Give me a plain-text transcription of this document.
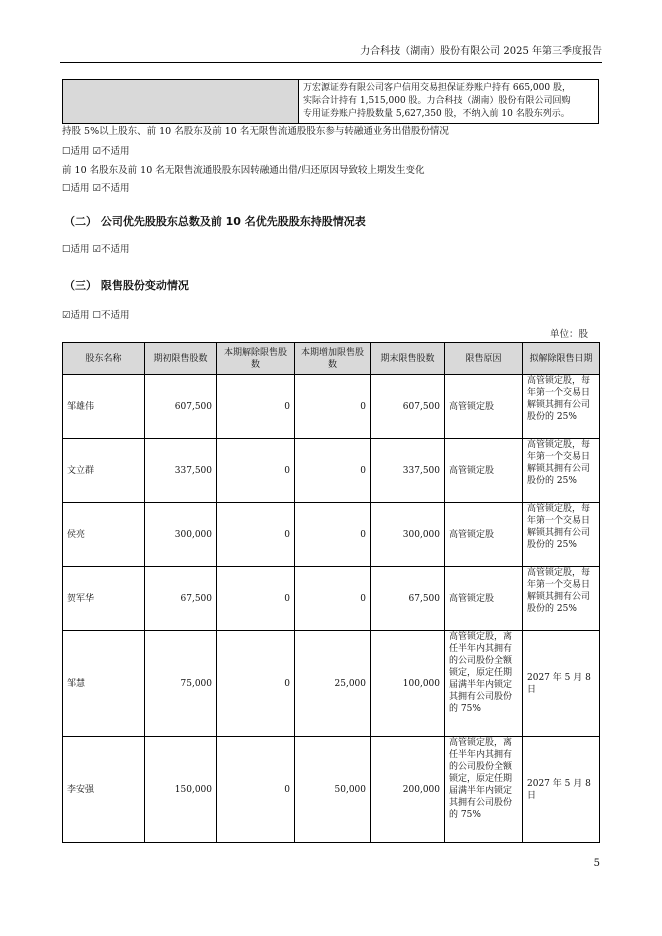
力合科技（湖南）股份有限公司 2025 年第三季度报告

万宏源证券有限公司客户信用交易担保证券账户持有 665,000 股，
实际合计持有 1,515,000 股。力合科技（湖南）股份有限公司回购
专用证券账户持股数量 5,627,350 股，不纳入前 10 名股东列示。
持股 5%以上股东、前 10 名股东及前 10 名无限售流通股股东参与转融通业务出借股份情况
☐适用 ☑不适用
前 10 名股东及前 10 名无限售流通股股东因转融通出借/归还原因导致较上期发生变化
☐适用 ☑不适用
（二） 公司优先股股东总数及前 10 名优先股股东持股情况表
☐适用 ☑不适用
（三） 限售股份变动情况
☑适用 ☐不适用
单位：股
股东名称	期初限售股数	本期解除限售股数	本期增加限售股数	期末限售股数	限售原因	拟解除限售日期
邹雄伟	607,500	0	0	607,500	高管锁定股	高管锁定股，每年第一个交易日解锁其拥有公司股份的 25%
文立群	337,500	0	0	337,500	高管锁定股	高管锁定股，每年第一个交易日解锁其拥有公司股份的 25%
侯亮	300,000	0	0	300,000	高管锁定股	高管锁定股，每年第一个交易日解锁其拥有公司股份的 25%
贺军华	67,500	0	0	67,500	高管锁定股	高管锁定股，每年第一个交易日解锁其拥有公司股份的 25%
邹慧	75,000	0	25,000	100,000	高管锁定股，离任半年内其拥有的公司股份全额锁定，原定任期届满半年内锁定其拥有公司股份的 75%	2027 年 5 月 8 日
李安强	150,000	0	50,000	200,000	高管锁定股，离任半年内其拥有的公司股份全额锁定，原定任期届满半年内锁定其拥有公司股份的 75%	2027 年 5 月 8 日
5
